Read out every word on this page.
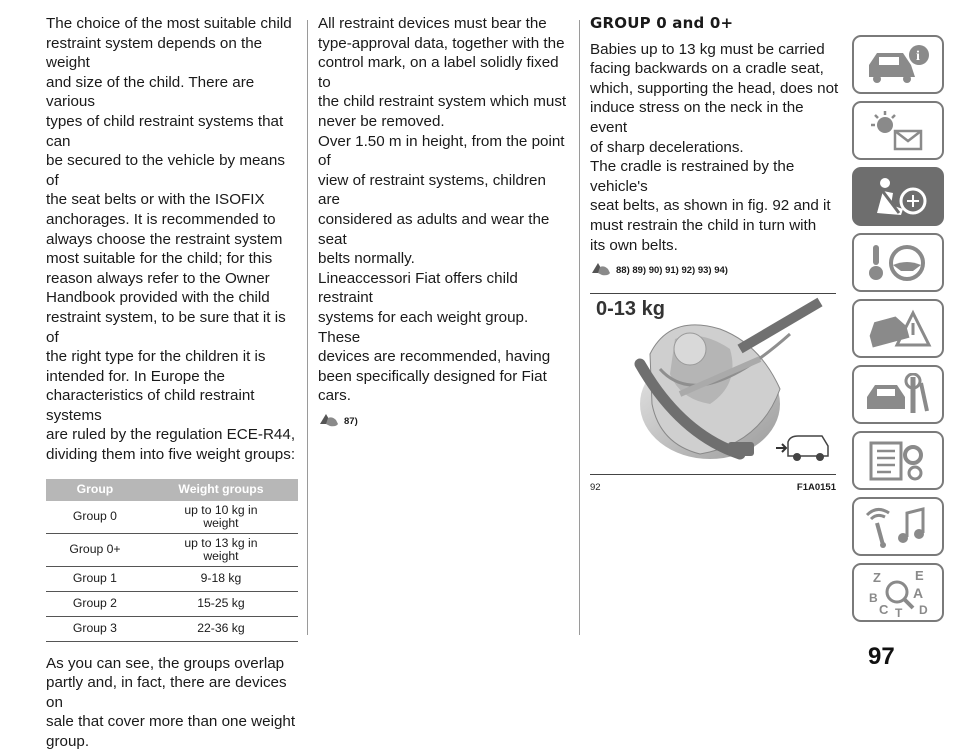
The choice of the most suitable child
restraint system depends on the weight
and size of the child. There are various
types of child restraint systems that can
be secured to the vehicle by means of
the seat belts or with the ISOFIX
anchorages. It is recommended to
always choose the restraint system
most suitable for the child; for this
reason always refer to the Owner
Handbook provided with the child
restraint system, to be sure that it is of
the right type for the children it is
intended for. In Europe the
characteristics of child restraint systems
are ruled by the regulation ECE-R44,
dividing them into five weight groups:

Group	Weight groups
Group 0	up to 10 kg in
weight
Group 0+	up to 13 kg in
weight
Group 1	9-18 kg
Group 2	15-25 kg
Group 3	22-36 kg

As you can see, the groups overlap
partly and, in fact, there are devices on
sale that cover more than one weight
group.

All restraint devices must bear the
type-approval data, together with the
control mark, on a label solidly fixed to
the child restraint system which must
never be removed.
Over 1.50 m in height, from the point of
view of restraint systems, children are
considered as adults and wear the seat
belts normally.
Lineaccessori Fiat offers child restraint
systems for each weight group. These
devices are recommended, having
been specifically designed for Fiat cars.

87)
GROUP 0 and 0+

Babies up to 13 kg must be carried
facing backwards on a cradle seat,
which, supporting the head, does not
induce stress on the neck in the event
of sharp decelerations.
The cradle is restrained by the vehicle's
seat belts, as shown in fig. 92 and it
must restrain the child in turn with
its own belts.

88) 89) 90) 91) 92) 93) 94)
0-13 kg
92	F1A0151
i
Z	E
B	A
C	D
T
97
